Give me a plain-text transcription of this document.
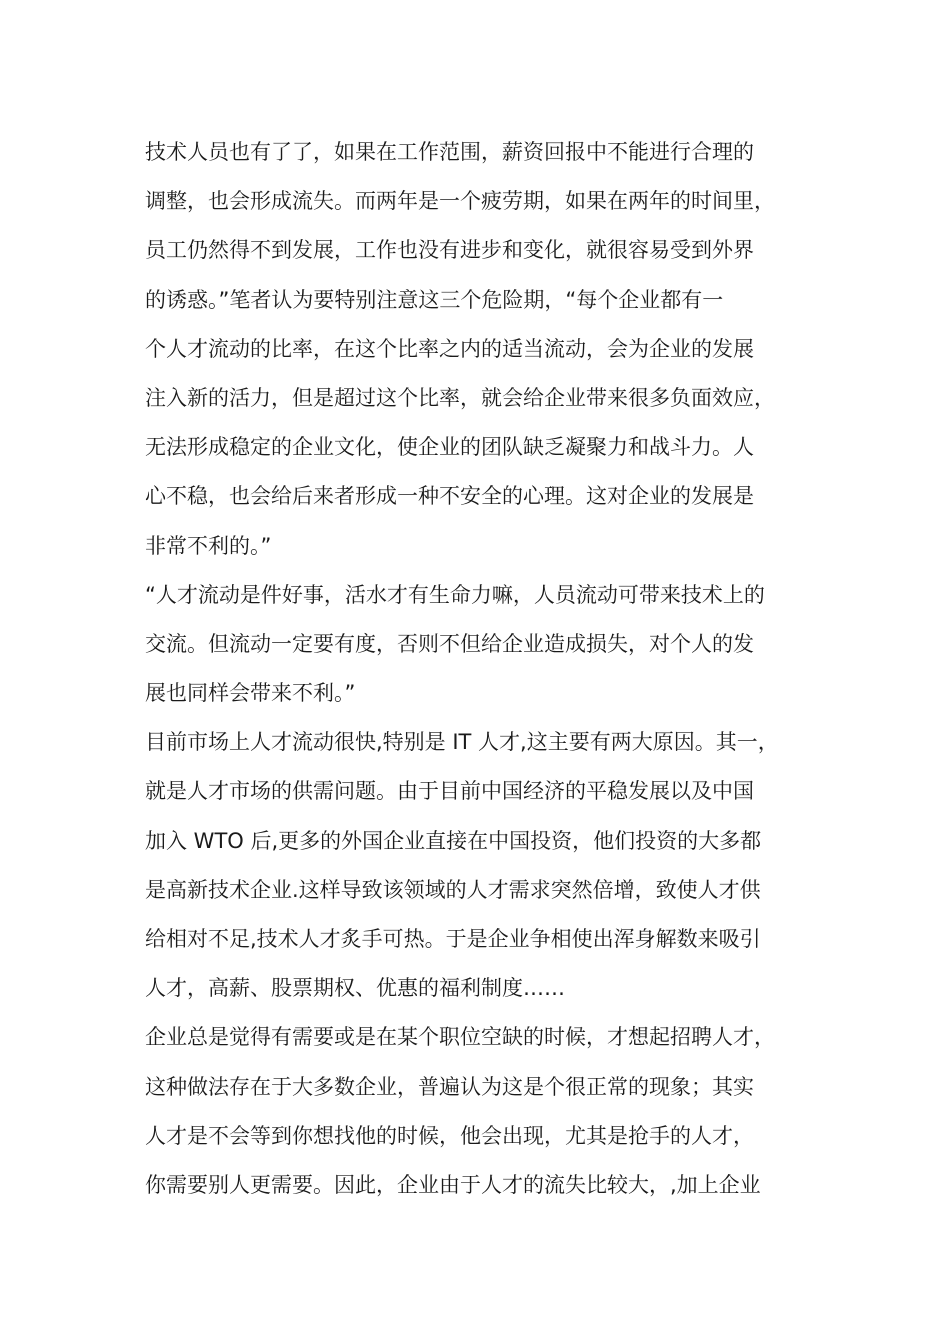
技术人员也有了了，如果在工作范围，薪资回报中不能进行合理的
调整，也会形成流失。而两年是一个疲劳期，如果在两年的时间里，
员工仍然得不到发展，工作也没有进步和变化，就很容易受到外界
的诱惑。”笔者认为要特别注意这三个危险期，“每个企业都有一
个人才流动的比率，在这个比率之内的适当流动，会为企业的发展
注入新的活力，但是超过这个比率，就会给企业带来很多负面效应，
无法形成稳定的企业文化，使企业的团队缺乏凝聚力和战斗力。人
心不稳，也会给后来者形成一种不安全的心理。这对企业的发展是
非常不利的。”
“人才流动是件好事，活水才有生命力嘛，人员流动可带来技术上的
交流。但流动一定要有度，否则不但给企业造成损失，对个人的发
展也同样会带来不利。”
目前市场上人才流动很快,特别是 IT 人才,这主要有两大原因。其一，
就是人才市场的供需问题。由于目前中国经济的平稳发展以及中国
加入 WTO 后,更多的外国企业直接在中国投资，他们投资的大多都
是高新技术企业.这样导致该领域的人才需求突然倍增，致使人才供
给相对不足,技术人才炙手可热。于是企业争相使出浑身解数来吸引
人才，高薪、股票期权、优惠的福利制度……
企业总是觉得有需要或是在某个职位空缺的时候，才想起招聘人才，
这种做法存在于大多数企业，普遍认为这是个很正常的现象；其实
人才是不会等到你想找他的时候，他会出现，尤其是抢手的人才，
你需要别人更需要。因此，企业由于人才的流失比较大，,加上企业
